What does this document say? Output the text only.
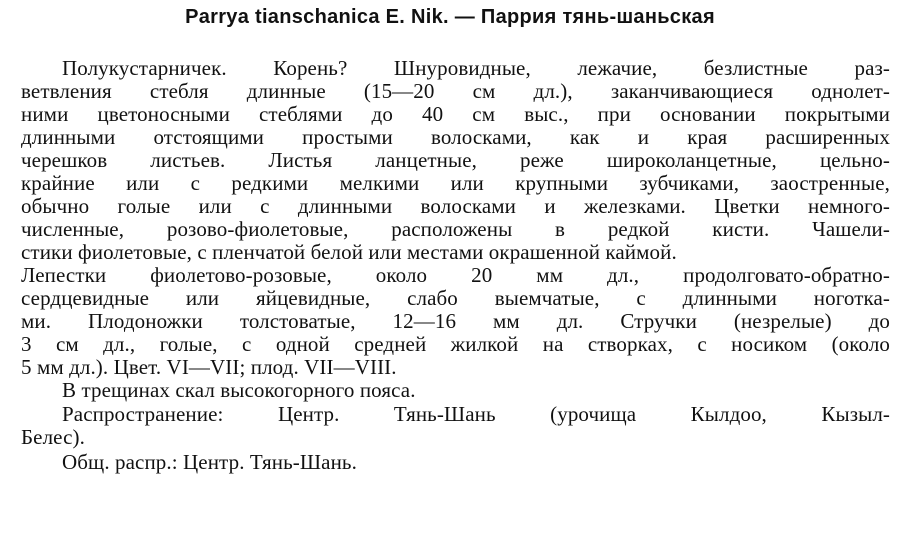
Parrya tianschanica E. Nik. — Паррия тянь-шаньская
Полукустарничек. Корень? Шнуровидные, лежачие, безлистные раз-
ветвления стебля длинные (15—20 см дл.), заканчивающиеся однолет-
ними цветоносными стеблями до 40 см выс., при основании покрытыми
длинными отстоящими простыми волосками, как и края расширенных
черешков листьев. Листья ланцетные, реже широколанцетные, цельно-
крайние или с редкими мелкими или крупными зубчиками, заостренные,
обычно голые или с длинными волосками и железками. Цветки немного-
численные, розово-фиолетовые, расположены в редкой кисти. Чашели-
стики фиолетовые, с пленчатой белой или местами окрашенной каймой.
Лепестки фиолетово-розовые, около 20 мм дл., продолговато-обратно-
сердцевидные или яйцевидные, слабо выемчатые, с длинными ноготка-
ми. Плодоножки толстоватые, 12—16 мм дл. Стручки (незрелые) до
3 см дл., голые, с одной средней жилкой на створках, с носиком (около
5 мм дл.). Цвет. VI—VII; плод. VII—VIII.
В трещинах скал высокогорного пояса.
Распространение: Центр. Тянь-Шань (урочища Кылдоо, Кызыл-
Белес).
Общ. распр.: Центр. Тянь-Шань.
